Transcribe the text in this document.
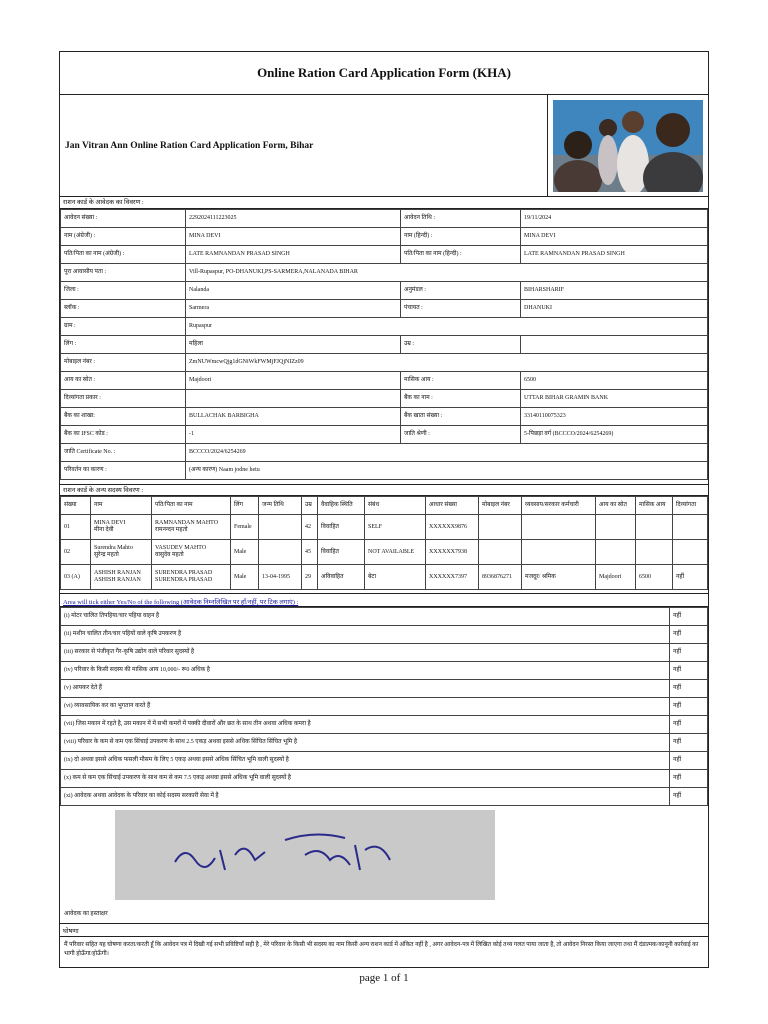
Online Ration Card Application Form (KHA)
Jan Vitran Ann Online Ration Card Application Form, Bihar
राशन कार्ड के आवेदक का विवरण :
आवेदन संख्या :	2292024111223025	आवेदन तिथि :	19/11/2024
नाम (अंग्रेजी) :	MINA DEVI	नाम (हिन्दी) :	MINA DEVI
पति/पिता का नाम (अंग्रेजी) :	LATE RAMNANDAN PRASAD SINGH	पति/पिता का नाम (हिन्दी) :	LATE RAMNANDAN PRASAD SINGH
पूरा आवासीय पता :	Vill-Rupaspur, PO-DHANUKI,PS-SARMERA,NALANADA BIHAR		
जिला :	Nalanda	अनुमंडल :	BIHARSHARIF
ब्लॉक :	Sarmera	पंचायत :	DHANUKI
ग्राम :	Rupaspur		
लिंग :	महिला	उम्र :	
मोबाइल नंबर :	ZmNUWmcwQjg1dGNiWkFWMjFJQjNIZz09		
आय का स्रोत :	Majdoori	मासिक आय :	6500
दिव्यांगता प्रकार :		बैंक का नाम :	UTTAR BIHAR GRAMIN BANK
बैंक का शाखा:	BULLACHAK BARBIGHA	बैंक खाता संख्या :	33140110075323
बैंक का IFSC कोड :	-1	जाति श्रेणी :	5-पिछड़ा वर्ग (BCCCO/2024/6254269)
जाति Certificate No. :	BCCCO/2024/6254269		
परिवर्तन का कारण :	(अन्य कारण) Naam jodne hetu		
राशन कार्ड के अन्य सदस्य विवरण :
संख्या	नाम	पति/पिता का नाम	लिंग	जन्म तिथि	उम्र	वैवाहिक स्थिति	संबंध	आधार संख्या	मोबाइल नंबर	व्यवसाय/सरकार कर्मचारी	आय का स्रोत	मासिक आय	दिव्यांगता
01	MINA DEVI
मीना देवी	RAMNANDAN MAHTO
रामनन्दन महतो	Female		42	विवाहित	SELF	XXXXXX9876					
02	Surendra Mahto
सुरेन्द्र महतो	VASUDEV MAHTO
वासुदेव महतो	Male		45	विवाहित	NOT AVAILABLE	XXXXXX7938					
03 (A)	ASHISH RANJAN
ASHISH RANJAN	SURENDRA PRASAD
SURENDRA PRASAD	Male	13-04-1995	29	अविवाहित	बेटा	XXXXXX7397	8936876271	मजदूर/ श्रमिक	Majdoori	6500	नहीं
Area will tick either Yes/No of the following (आवेदक निम्नलिखित पर हाँ/नहीं, पर टिक लगाएं) :
(i) मोटर चालित तिपहिया/चार पहिया वाहन है	नहीं
(ii) मशीन चालित तीन/चार पहियों वाले कृषि उपकरण है	नहीं
(iii) सरकार से पंजीकृत गैर-कृषि उद्योग वाले परिवार सुदस्यों है	नहीं
(iv) परिवार के किसी सदस्य की मासिक आय 10,000/- रू0 अधिक है	नहीं
(v) आयकर देते हैं	नहीं
(vi) व्यावसायिक कर का भुगतान करते हैं	नहीं
(vii) जिस मकान में रहते है, उस मकान में में सभी कमरों में पक्की दीवारों और छत के साथ तीन अथवा अधिक कमरा है	नहीं
(viii) परिवार के कम से कम एक सिंचाई उपकरण के साथ 2.5 एकड़ अथवा इससे अधिक सिंचित सिंचित भूमि है	नहीं
(ix) दो अथवा इससे अधिक फसली मौसम के लिए 5 एकड़ अथवा इससे अधिक सिंचित भूमि वाली सुदस्यों है	नहीं
(x) कम से कम एक सिंचाई उपकरण के साथ कम से कम 7.5 एकड़ अथवा इससे अधिक भूमि वाली सुदस्यों है	नहीं
(xi) आवेदक अथवा आवेदक के परिवार का कोई सदस्य सरकारी सेवा में है	नहीं
आवेदक का हस्ताक्षर
घोषणा
मैं परिवार सहित यह घोषणा करता/करती हूँ कि आवेदन पत्र में दिखी गई सभी प्रविष्टियाँ सही है , मेरे परिवार के किसी भी सदस्य का नाम किसी अन्य राशन कार्ड में अंकित नहीं है , अगर आवेदन-पत्र में लिखित कोई तथ्य गलत पाया जाता है, तो आवेदन निरस्त किया जाएगा तथा मैं दंडात्मक/कानूनी कार्रवाई का भागी होऊँगा/होऊँगी।
page 1 of 1
